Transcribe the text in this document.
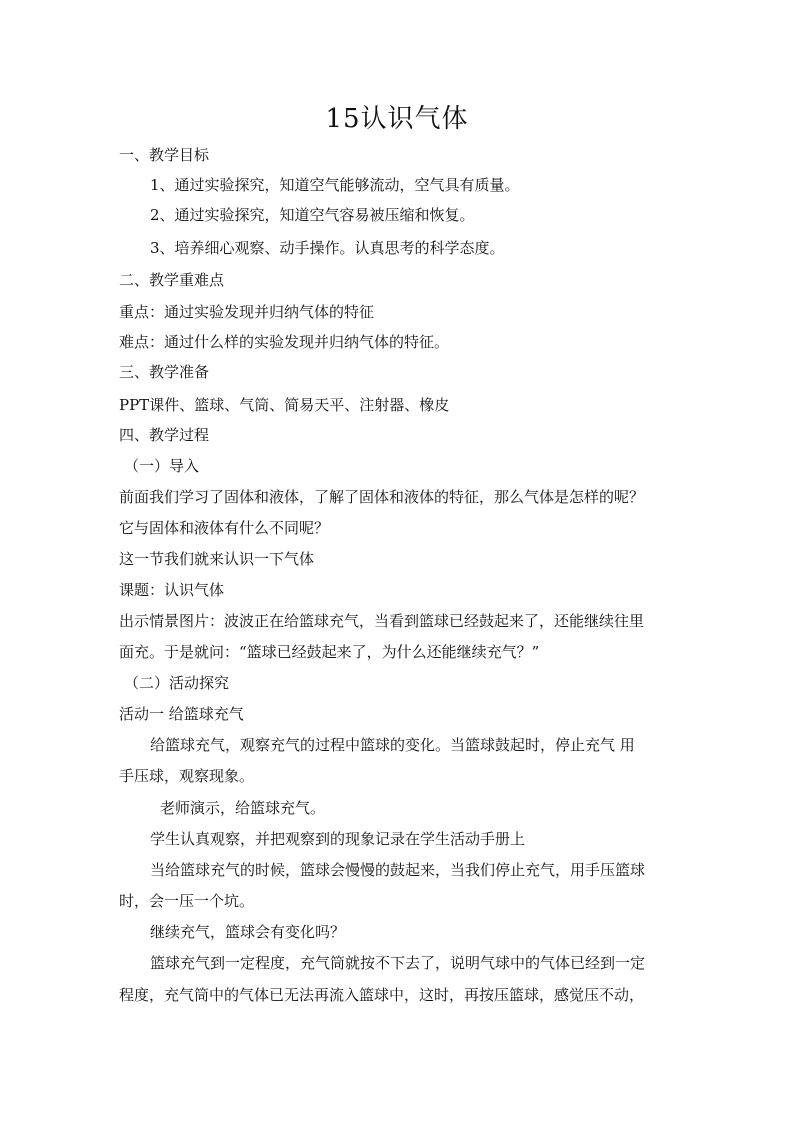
15认识气体
一、教学目标
1、通过实验探究，知道空气能够流动，空气具有质量。
2、通过实验探究，知道空气容易被压缩和恢复。
3、培养细心观察、动手操作。认真思考的科学态度。
二、教学重难点
重点：通过实验发现并归纳气体的特征
难点：通过什么样的实验发现并归纳气体的特征。
三、教学准备
PPT课件、篮球、气筒、简易天平、注射器、橡皮
四、教学过程
（一）导入
前面我们学习了固体和液体，了解了固体和液体的特征，那么气体是怎样的呢？
它与固体和液体有什么不同呢？
这一节我们就来认识一下气体
课题：认识气体
出示情景图片：波波正在给篮球充气，当看到篮球已经鼓起来了，还能继续往里
面充。于是就问：“篮球已经鼓起来了，为什么还能继续充气？”
（二）活动探究
活动一 给篮球充气
给篮球充气，观察充气的过程中篮球的变化。当篮球鼓起时，停止充气 用
手压球，观察现象。
老师演示，给篮球充气。
学生认真观察，并把观察到的现象记录在学生活动手册上
当给篮球充气的时候，篮球会慢慢的鼓起来，当我们停止充气，用手压篮球
时，会一压一个坑。
继续充气，篮球会有变化吗？
篮球充气到一定程度，充气筒就按不下去了，说明气球中的气体已经到一定
程度，充气筒中的气体已无法再流入篮球中，这时，再按压篮球，感觉压不动，
